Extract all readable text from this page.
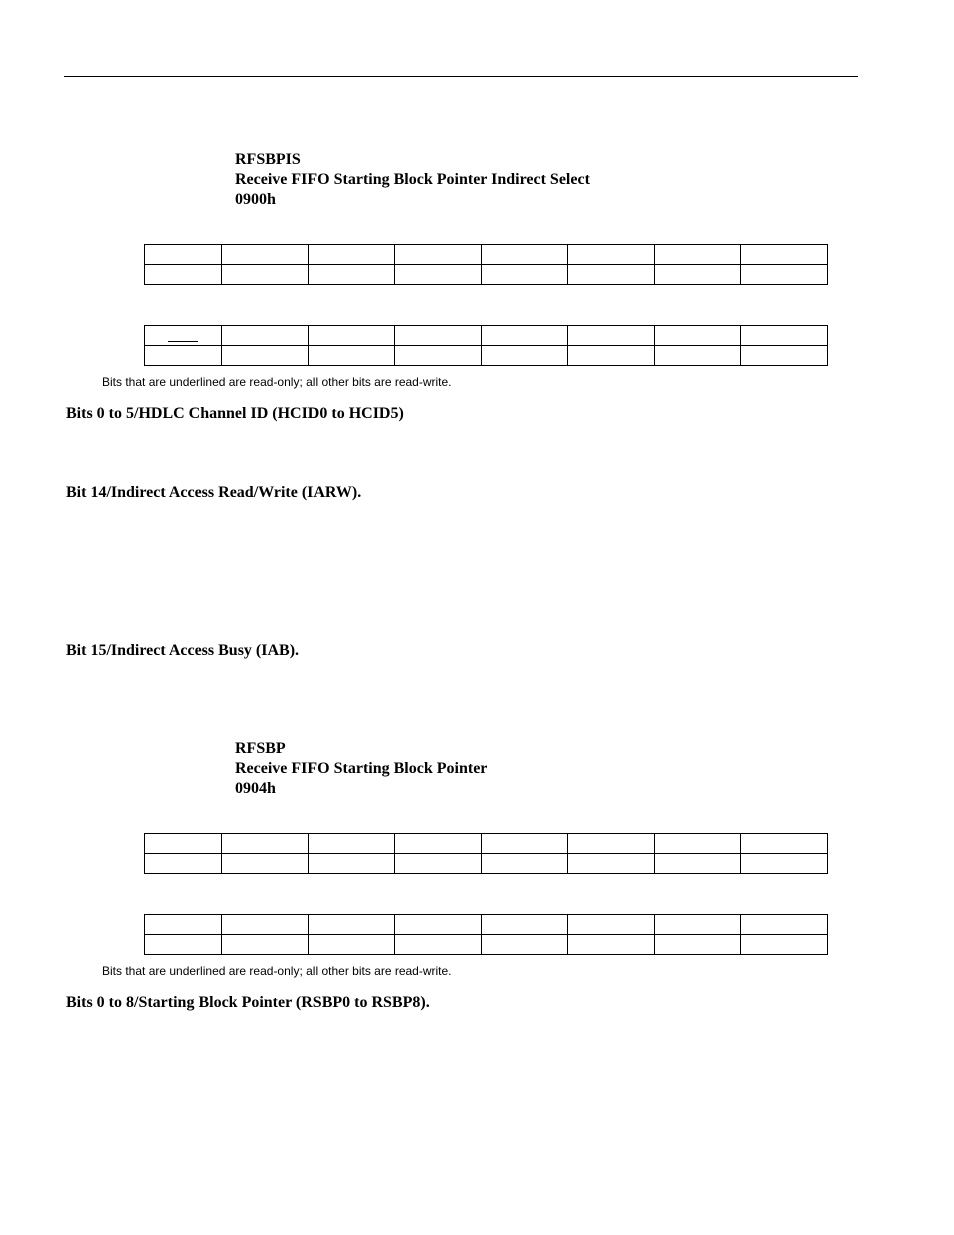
RFSBPIS
Receive FIFO Starting Block Pointer Indirect Select
0900h

Bits that are underlined are read-only; all other bits are read-write.
Bits 0 to 5/HDLC Channel ID (HCID0 to HCID5)
Bit 14/Indirect Access Read/Write (IARW).
Bit 15/Indirect Access Busy (IAB).
RFSBP
Receive FIFO Starting Block Pointer
0904h

Bits that are underlined are read-only; all other bits are read-write.
Bits 0 to 8/Starting Block Pointer (RSBP0 to RSBP8).
